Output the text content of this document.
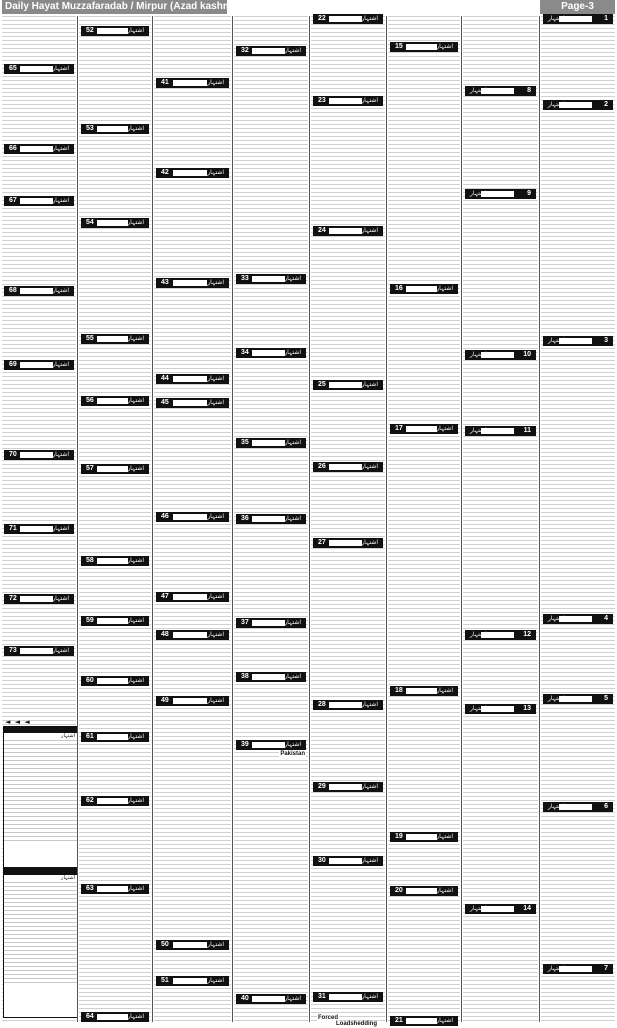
Daily Hayat Muzzafaradab / Mirpur (Azad kashmir)	Page-3
65	اشتہار
66	اشتہار
67	اشتہار
68	اشتہار
69	اشتہار
70	اشتہار
71	اشتہار
72	اشتہار
73	اشتہار
◄ ◄ ◄
اشتہار
اشتہار
52	اشتہار
53	اشتہار
54	اشتہار
55	اشتہار
56	اشتہار
57	اشتہار
58	اشتہار
59	اشتہار
60	اشتہار
61	اشتہار
62	اشتہار
63	اشتہار
64	اشتہار
41	اشتہار
42	اشتہار
43	اشتہار
44	اشتہار
45	اشتہار
46	اشتہار
47	اشتہار
48	اشتہار
49	اشتہار
50	اشتہار
51	اشتہار
32	اشتہار
33	اشتہار
34	اشتہار
35	اشتہار
36	اشتہار
37	اشتہار
38	اشتہار
39	اشتہار
40	اشتہار
Pakistan
22	اشتہار
23	اشتہار
24	اشتہار
25	اشتہار
26	اشتہار
27	اشتہار
28	اشتہار
29	اشتہار
30	اشتہار
31	اشتہار
Forced
Loadshedding
15	اشتہار
16	اشتہار
17	اشتہار
18	اشتہار
19	اشتہار
20	اشتہار
21	اشتہار
8
اشتہار
9
اشتہار
10
اشتہار
11
اشتہار
12
اشتہار
13
اشتہار
14
اشتہار
1
اشتہار
2
اشتہار
3
اشتہار
4
اشتہار
5
اشتہار
6
اشتہار
7
اشتہار
